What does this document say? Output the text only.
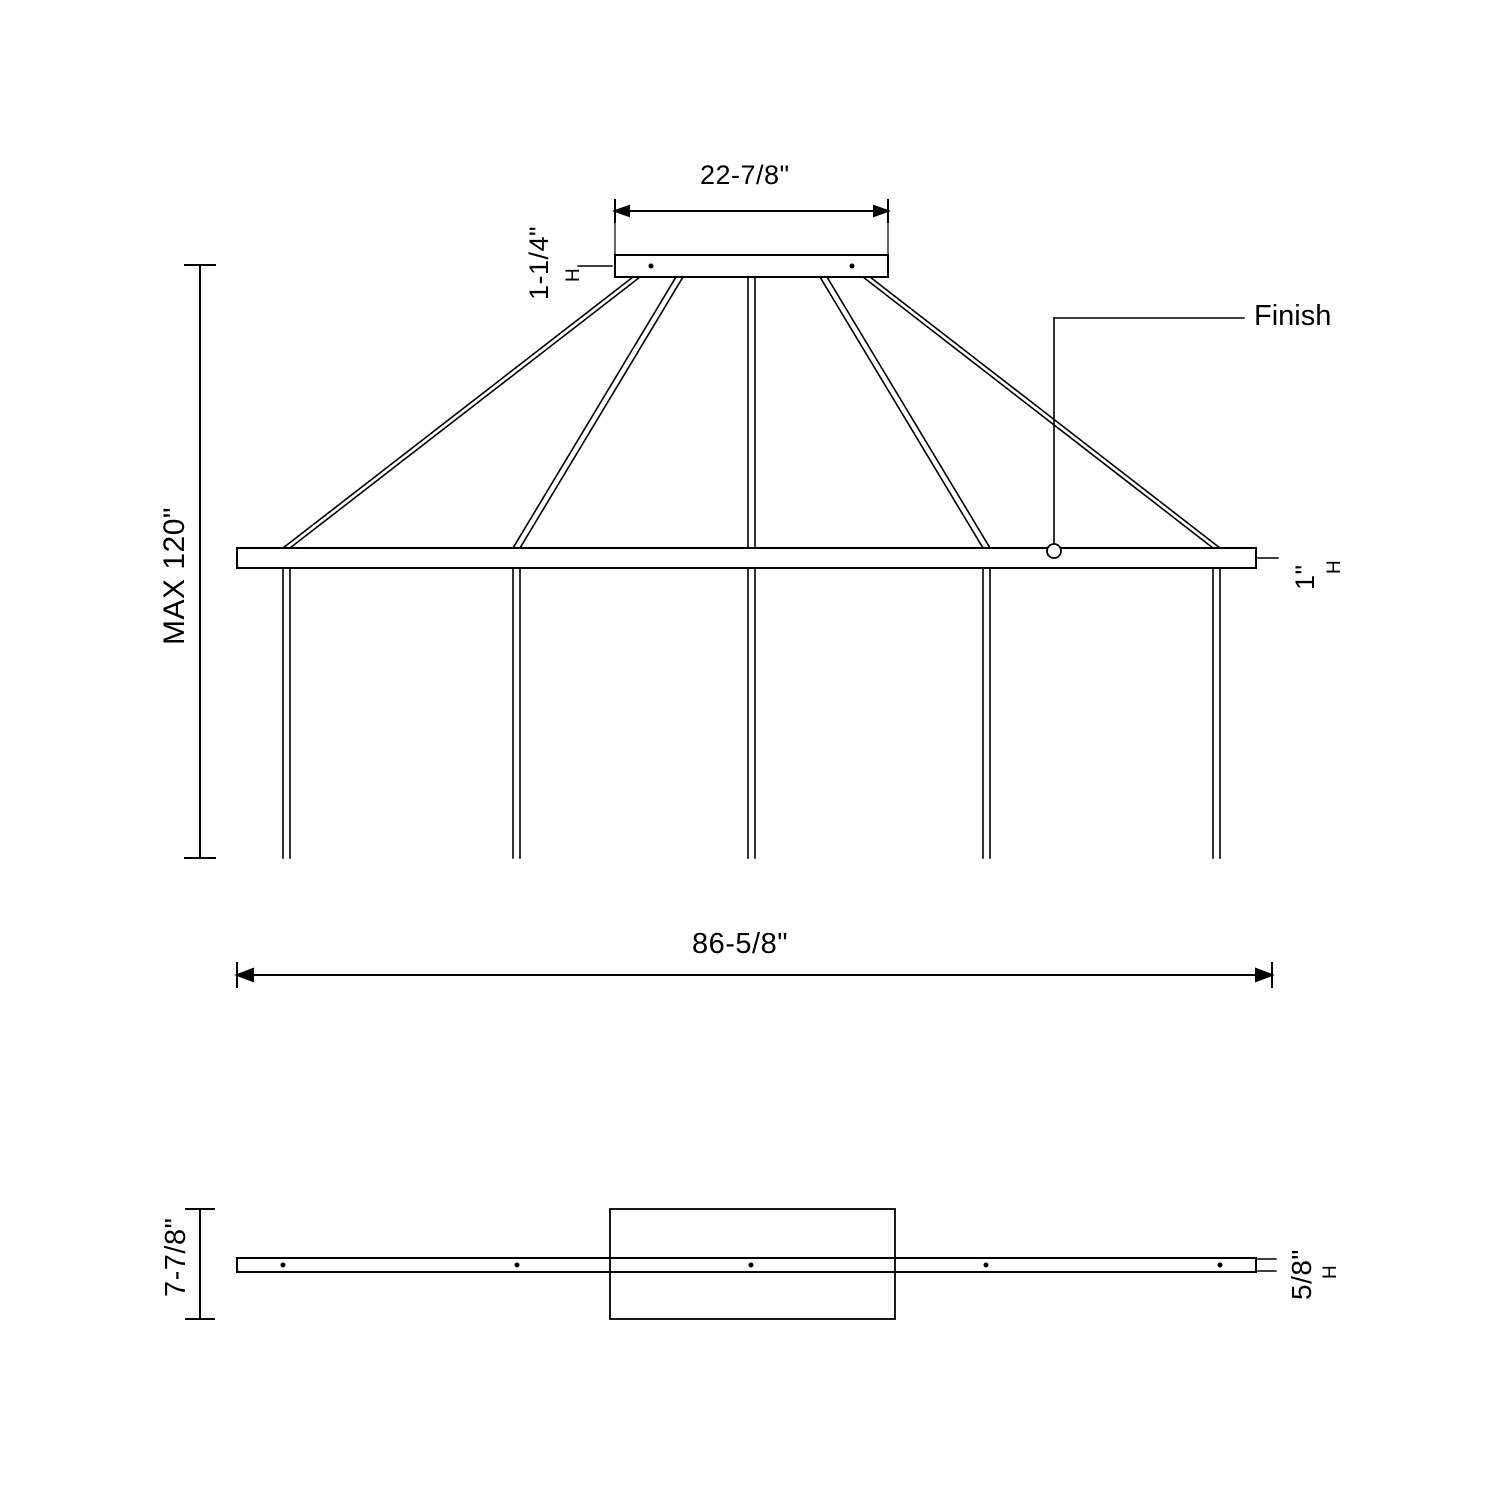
22-7/8"
1-1/4" H
MAX 120"
Finish
1" H
86-5/8"
7-7/8"	5/8" H
